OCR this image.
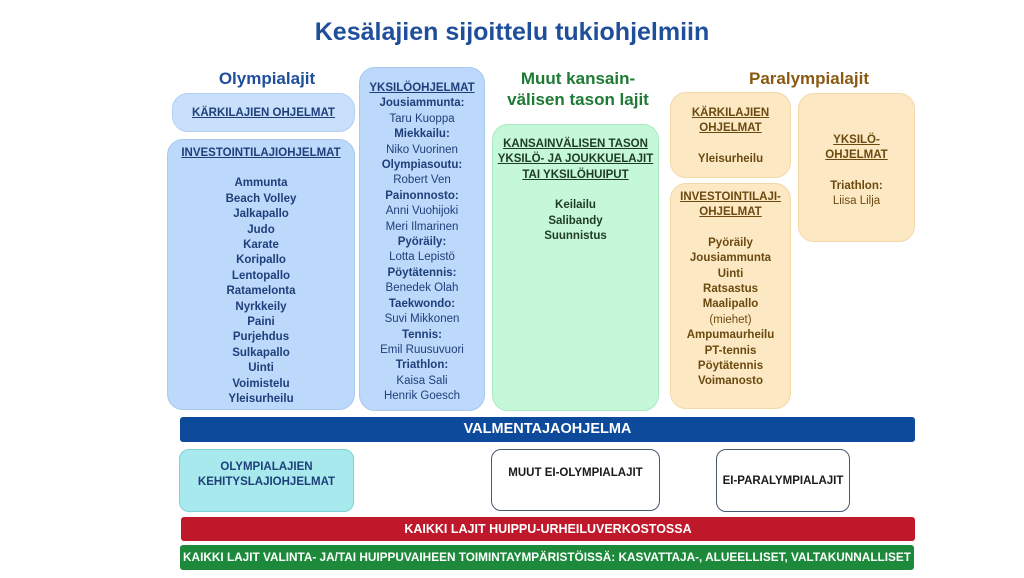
Kesälajien sijoittelu tukiohjelmiin
Olympialajit	Muut kansain-
välisen tason lajit
Paralympialajit
KÄRKILAJIEN OHJELMAT
INVESTOINTILAJIOHJELMAT
Ammunta
Beach Volley
Jalkapallo
Judo
Karate
Koripallo
Lentopallo
Ratamelonta
Nyrkkeily
Paini
Purjehdus
Sulkapallo
Uinti
Voimistelu
Yleisurheilu
YKSILÖOHJELMAT
Jousiammunta:
Taru Kuoppa
Miekkailu:
Niko Vuorinen
Olympiasoutu:
Robert Ven
Painonnosto:
Anni Vuohijoki
Meri Ilmarinen
Pyöräily:
Lotta Lepistö
Pöytätennis:
Benedek Olah
Taekwondo:
Suvi Mikkonen
Tennis:
Emil Ruusuvuori
Triathlon:
Kaisa Sali
Henrik Goesch
KANSAINVÄLISEN TASON
YKSILÖ- JA JOUKKUELAJIT
TAI YKSILÖHUIPUT
Keilailu
Salibandy
Suunnistus
KÄRKILAJIEN
OHJELMAT
Yleisurheilu
YKSILÖ-
OHJELMAT
Triathlon:
Liisa Lilja
INVESTOINTILAJI-
OHJELMAT
Pyöräily
Jousiammunta
Uinti
Ratsastus
Maalipallo
(miehet)
Ampumaurheilu
PT-tennis
Pöytätennis
Voimanosto
VALMENTAJAOHJELMA
OLYMPIALAJIEN
KEHITYSLAJIOHJELMAT
MUUT EI-OLYMPIALAJIT
EI-PARALYMPIALAJIT
KAIKKI LAJIT HUIPPU-URHEILUVERKOSTOSSA
KAIKKI LAJIT VALINTA- JA/TAI HUIPPUVAIHEEN TOIMINTAYMPÄRISTÖISSÄ: KASVATTAJA-, ALUEELLISET, VALTAKUNNALLISET
